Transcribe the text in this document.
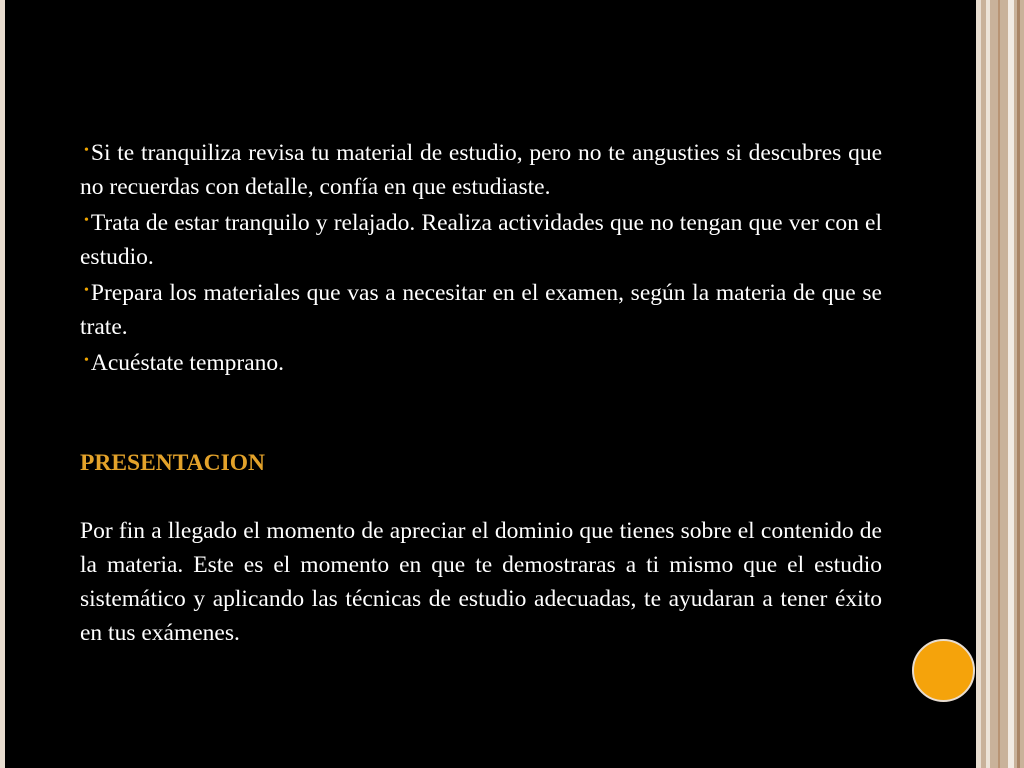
•Si te tranquiliza revisa tu material de estudio, pero no te angusties si descubres que no recuerdas con detalle, confía en que estudiaste.

•Trata de estar tranquilo y relajado. Realiza actividades que no tengan que ver con el estudio.

•Prepara los materiales que vas a necesitar en el examen, según la materia de que se trate.

•Acuéstate temprano.

PRESENTACION

Por fin a llegado el momento de apreciar el dominio que tienes sobre el contenido de la materia. Este es el momento en que te demostraras a ti mismo que el estudio sistemático y aplicando las técnicas de estudio adecuadas, te ayudaran a tener éxito en tus exámenes.
